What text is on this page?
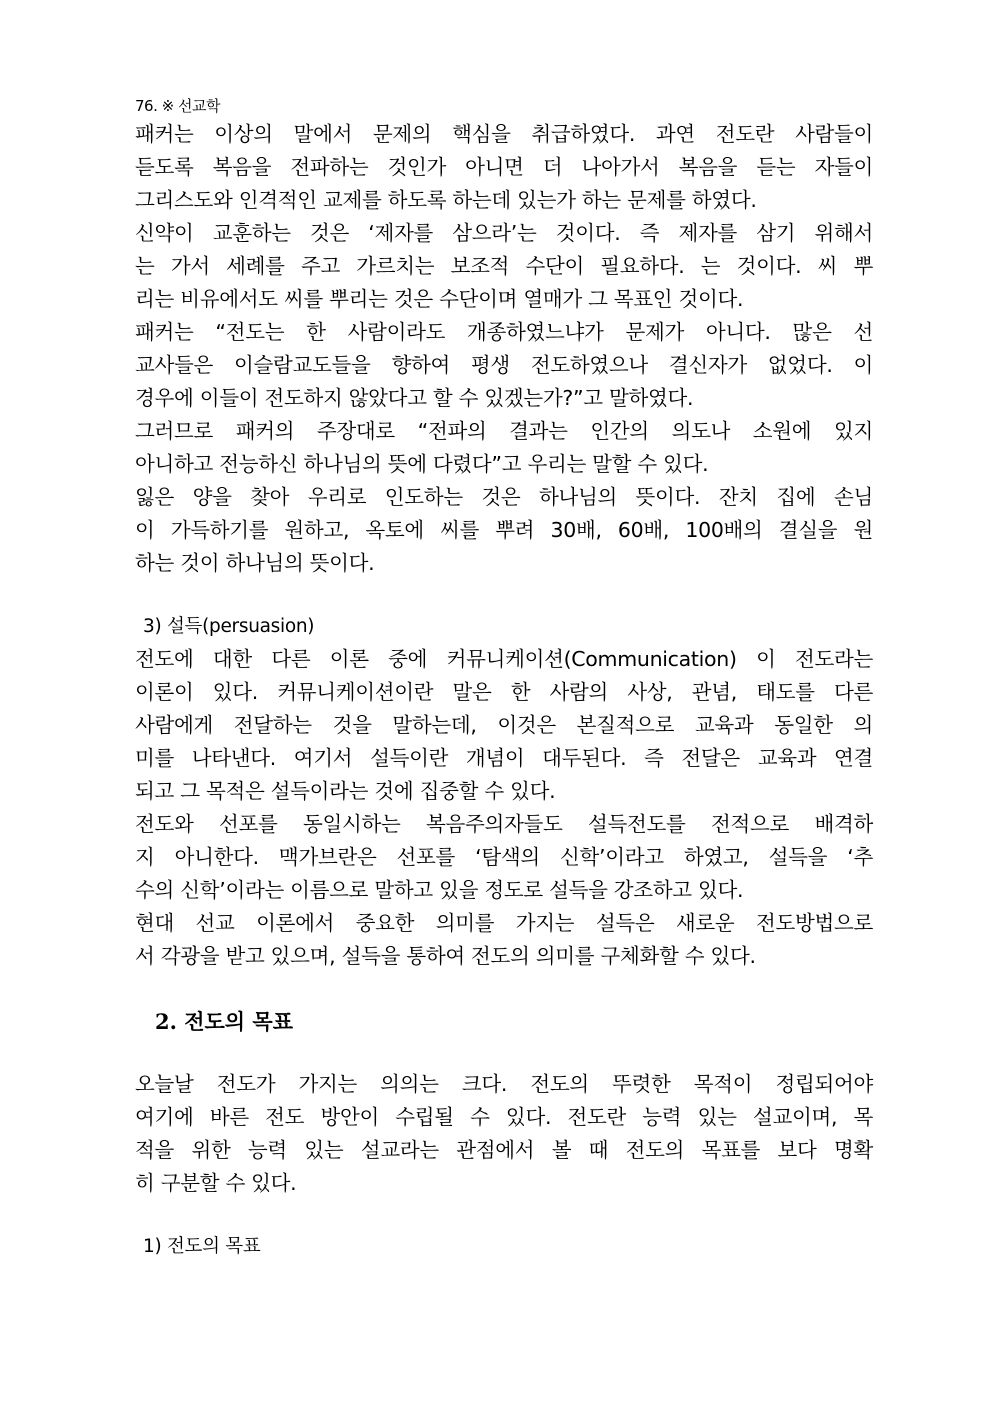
76. ※ 선교학
패커는 이상의 말에서 문제의 핵심을 취급하였다. 과연 전도란 사람들이
듣도록 복음을 전파하는 것인가 아니면 더 나아가서 복음을 듣는 자들이
그리스도와 인격적인 교제를 하도록 하는데 있는가 하는 문제를 하였다.
신약이 교훈하는 것은 ‘제자를 삼으라’는 것이다. 즉 제자를 삼기 위해서
는 가서 세례를 주고 가르치는 보조적 수단이 필요하다. 는 것이다. 씨 뿌
리는 비유에서도 씨를 뿌리는 것은 수단이며 열매가 그 목표인 것이다.
패커는 “전도는 한 사람이라도 개종하였느냐가 문제가 아니다. 많은 선
교사들은 이슬람교도들을 향하여 평생 전도하였으나 결신자가 없었다. 이
경우에 이들이 전도하지 않았다고 할 수 있겠는가?”고 말하였다.
그러므로 패커의 주장대로 “전파의 결과는 인간의 의도나 소원에 있지
아니하고 전능하신 하나님의 뜻에 다렸다”고 우리는 말할 수 있다.
잃은 양을 찾아 우리로 인도하는 것은 하나님의 뜻이다. 잔치 집에 손님
이 가득하기를 원하고, 옥토에 씨를 뿌려 30배, 60배, 100배의 결실을 원
하는 것이 하나님의 뜻이다.
3) 설득(persuasion)
전도에 대한 다른 이론 중에 커뮤니케이션(Communication) 이 전도라는
이론이 있다. 커뮤니케이션이란 말은 한 사람의 사상, 관념, 태도를 다른
사람에게 전달하는 것을 말하는데, 이것은 본질적으로 교육과 동일한 의
미를 나타낸다. 여기서 설득이란 개념이 대두된다. 즉 전달은 교육과 연결
되고 그 목적은 설득이라는 것에 집중할 수 있다.
전도와 선포를 동일시하는 복음주의자들도 설득전도를 전적으로 배격하
지 아니한다. 맥가브란은 선포를 ‘탐색의 신학’이라고 하였고, 설득을 ‘추
수의 신학’이라는 이름으로 말하고 있을 정도로 설득을 강조하고 있다.
현대 선교 이론에서 중요한 의미를 가지는 설득은 새로운 전도방법으로
서 각광을 받고 있으며, 설득을 통하여 전도의 의미를 구체화할 수 있다.
2. 전도의 목표
오늘날 전도가 가지는 의의는 크다. 전도의 뚜렷한 목적이 정립되어야
여기에 바른 전도 방안이 수립될 수 있다. 전도란 능력 있는 설교이며, 목
적을 위한 능력 있는 설교라는 관점에서 볼 때 전도의 목표를 보다 명확
히 구분할 수 있다.
1) 전도의 목표
